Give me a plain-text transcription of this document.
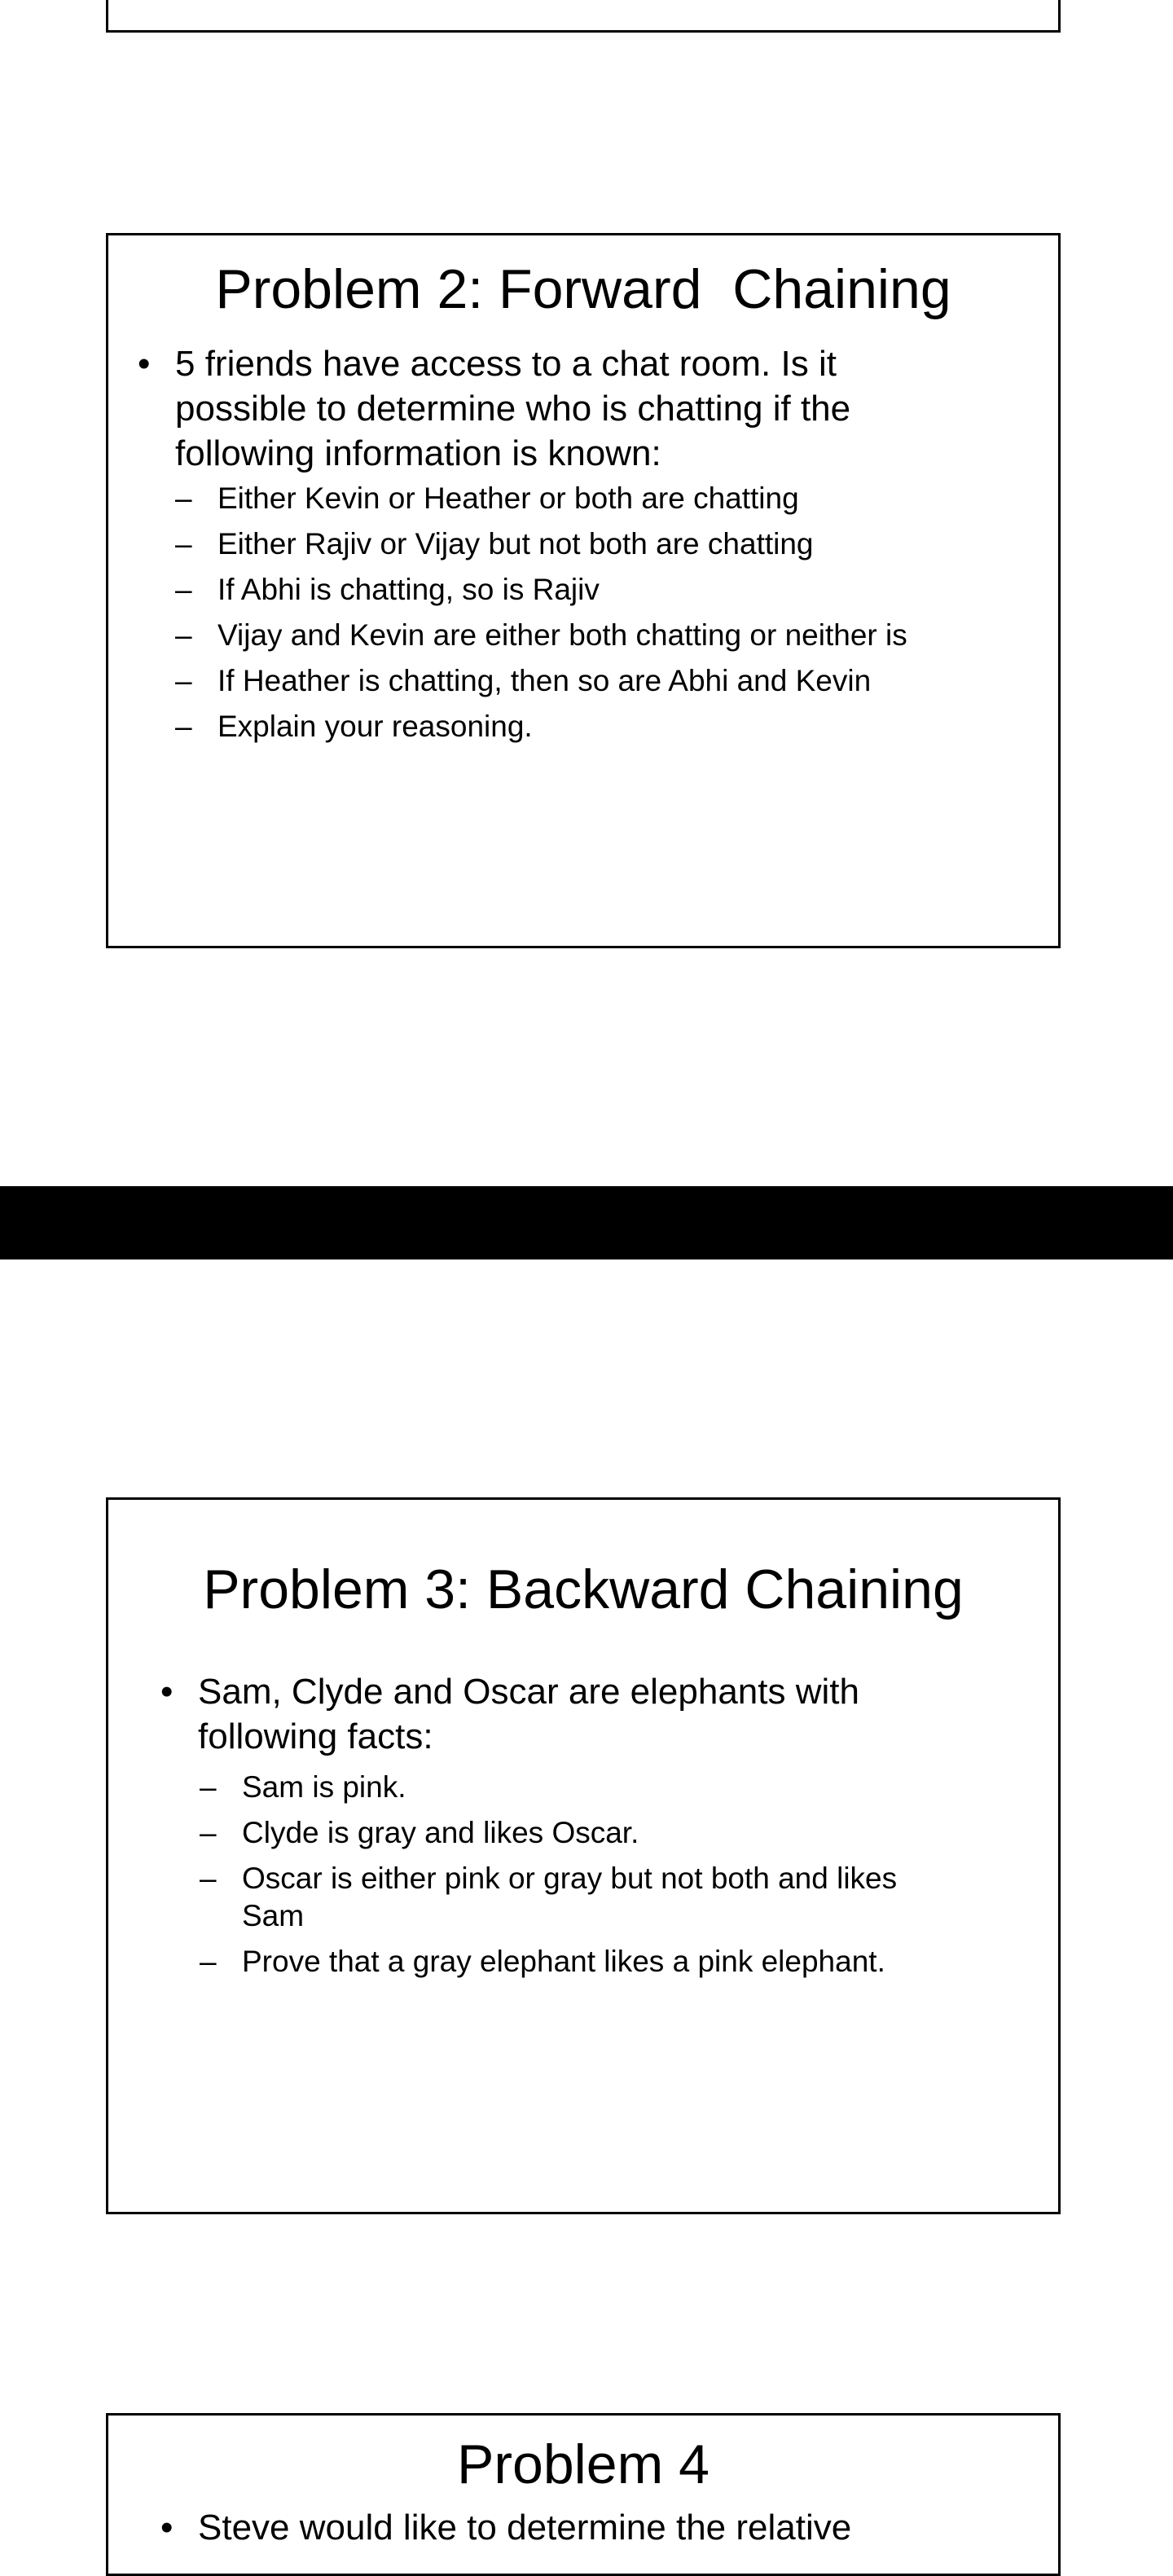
Problem 2: Forward  Chaining
• 5 friends have access to a chat room. Is it possible to determine who is chatting if the following information is known:
– Either Kevin or Heather or both are chatting
– Either Rajiv or Vijay but not both are chatting
– If Abhi is chatting, so is Rajiv
– Vijay and Kevin are either both chatting or neither is
– If Heather is chatting, then so are Abhi and Kevin
– Explain your reasoning.
Problem 3: Backward Chaining
• Sam, Clyde and Oscar are elephants with following facts:
– Sam is pink.
– Clyde is gray and likes Oscar.
– Oscar is either pink or gray but not both and likes Sam
– Prove that a gray elephant likes a pink elephant.
Problem 4
• Steve would like to determine the relative
